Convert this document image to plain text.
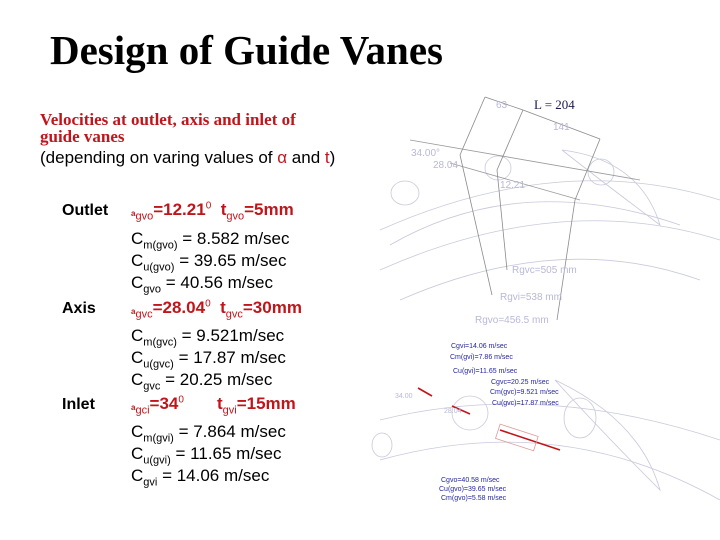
Design of Guide Vanes
Velocities at outlet, axis and inlet of
guide vanes
(depending on varing values of α and t)
Outlet
Axis
Inlet
$a_{gvo}=12.21^0$ $t_{gvo}=5mm$
$C_{m(gvo)} = 8.582$ m/sec
$C_{u(gvo)} = 39.65$ m/sec
$C_{gvo} = 40.56$ m/sec
$a_{gvc}=28.04^0$ $t_{gvc}=30mm$
$C_{m(gvc)} = 9.521m/\sec$
$C_{u(gvc)} = 17.87$ m/sec
$C_{gvc} = 20.25$ m/sec
$a_{gci}=34^0$ $t_{gvi}=15mm$
$C_{m(gvi)} = 7.864$ m/sec
$C_{u(gvi)} = 11.65$ m/sec
$C_{gvi} = 14.06$ m/sec
63 L = 204
141
34.00°
28.04
12.21
Rgvc=505 mm
Rgvi=538 mm
Rgvo=456.5 mm
34.00
28.04
Cgvi=14.06 m/sec
Cm(gvi)=7.86 m/sec
Cu(gvi)=11.65 m/sec
Cgvc=20.25 m/sec
Cm(gvc)=9.521 m/sec
Cu(gvc)=17.87 m/sec
Cgvo=40.58 m/sec
Cu(gvo)=39.65 m/sec
Cm(gvo)=5.58 m/sec
